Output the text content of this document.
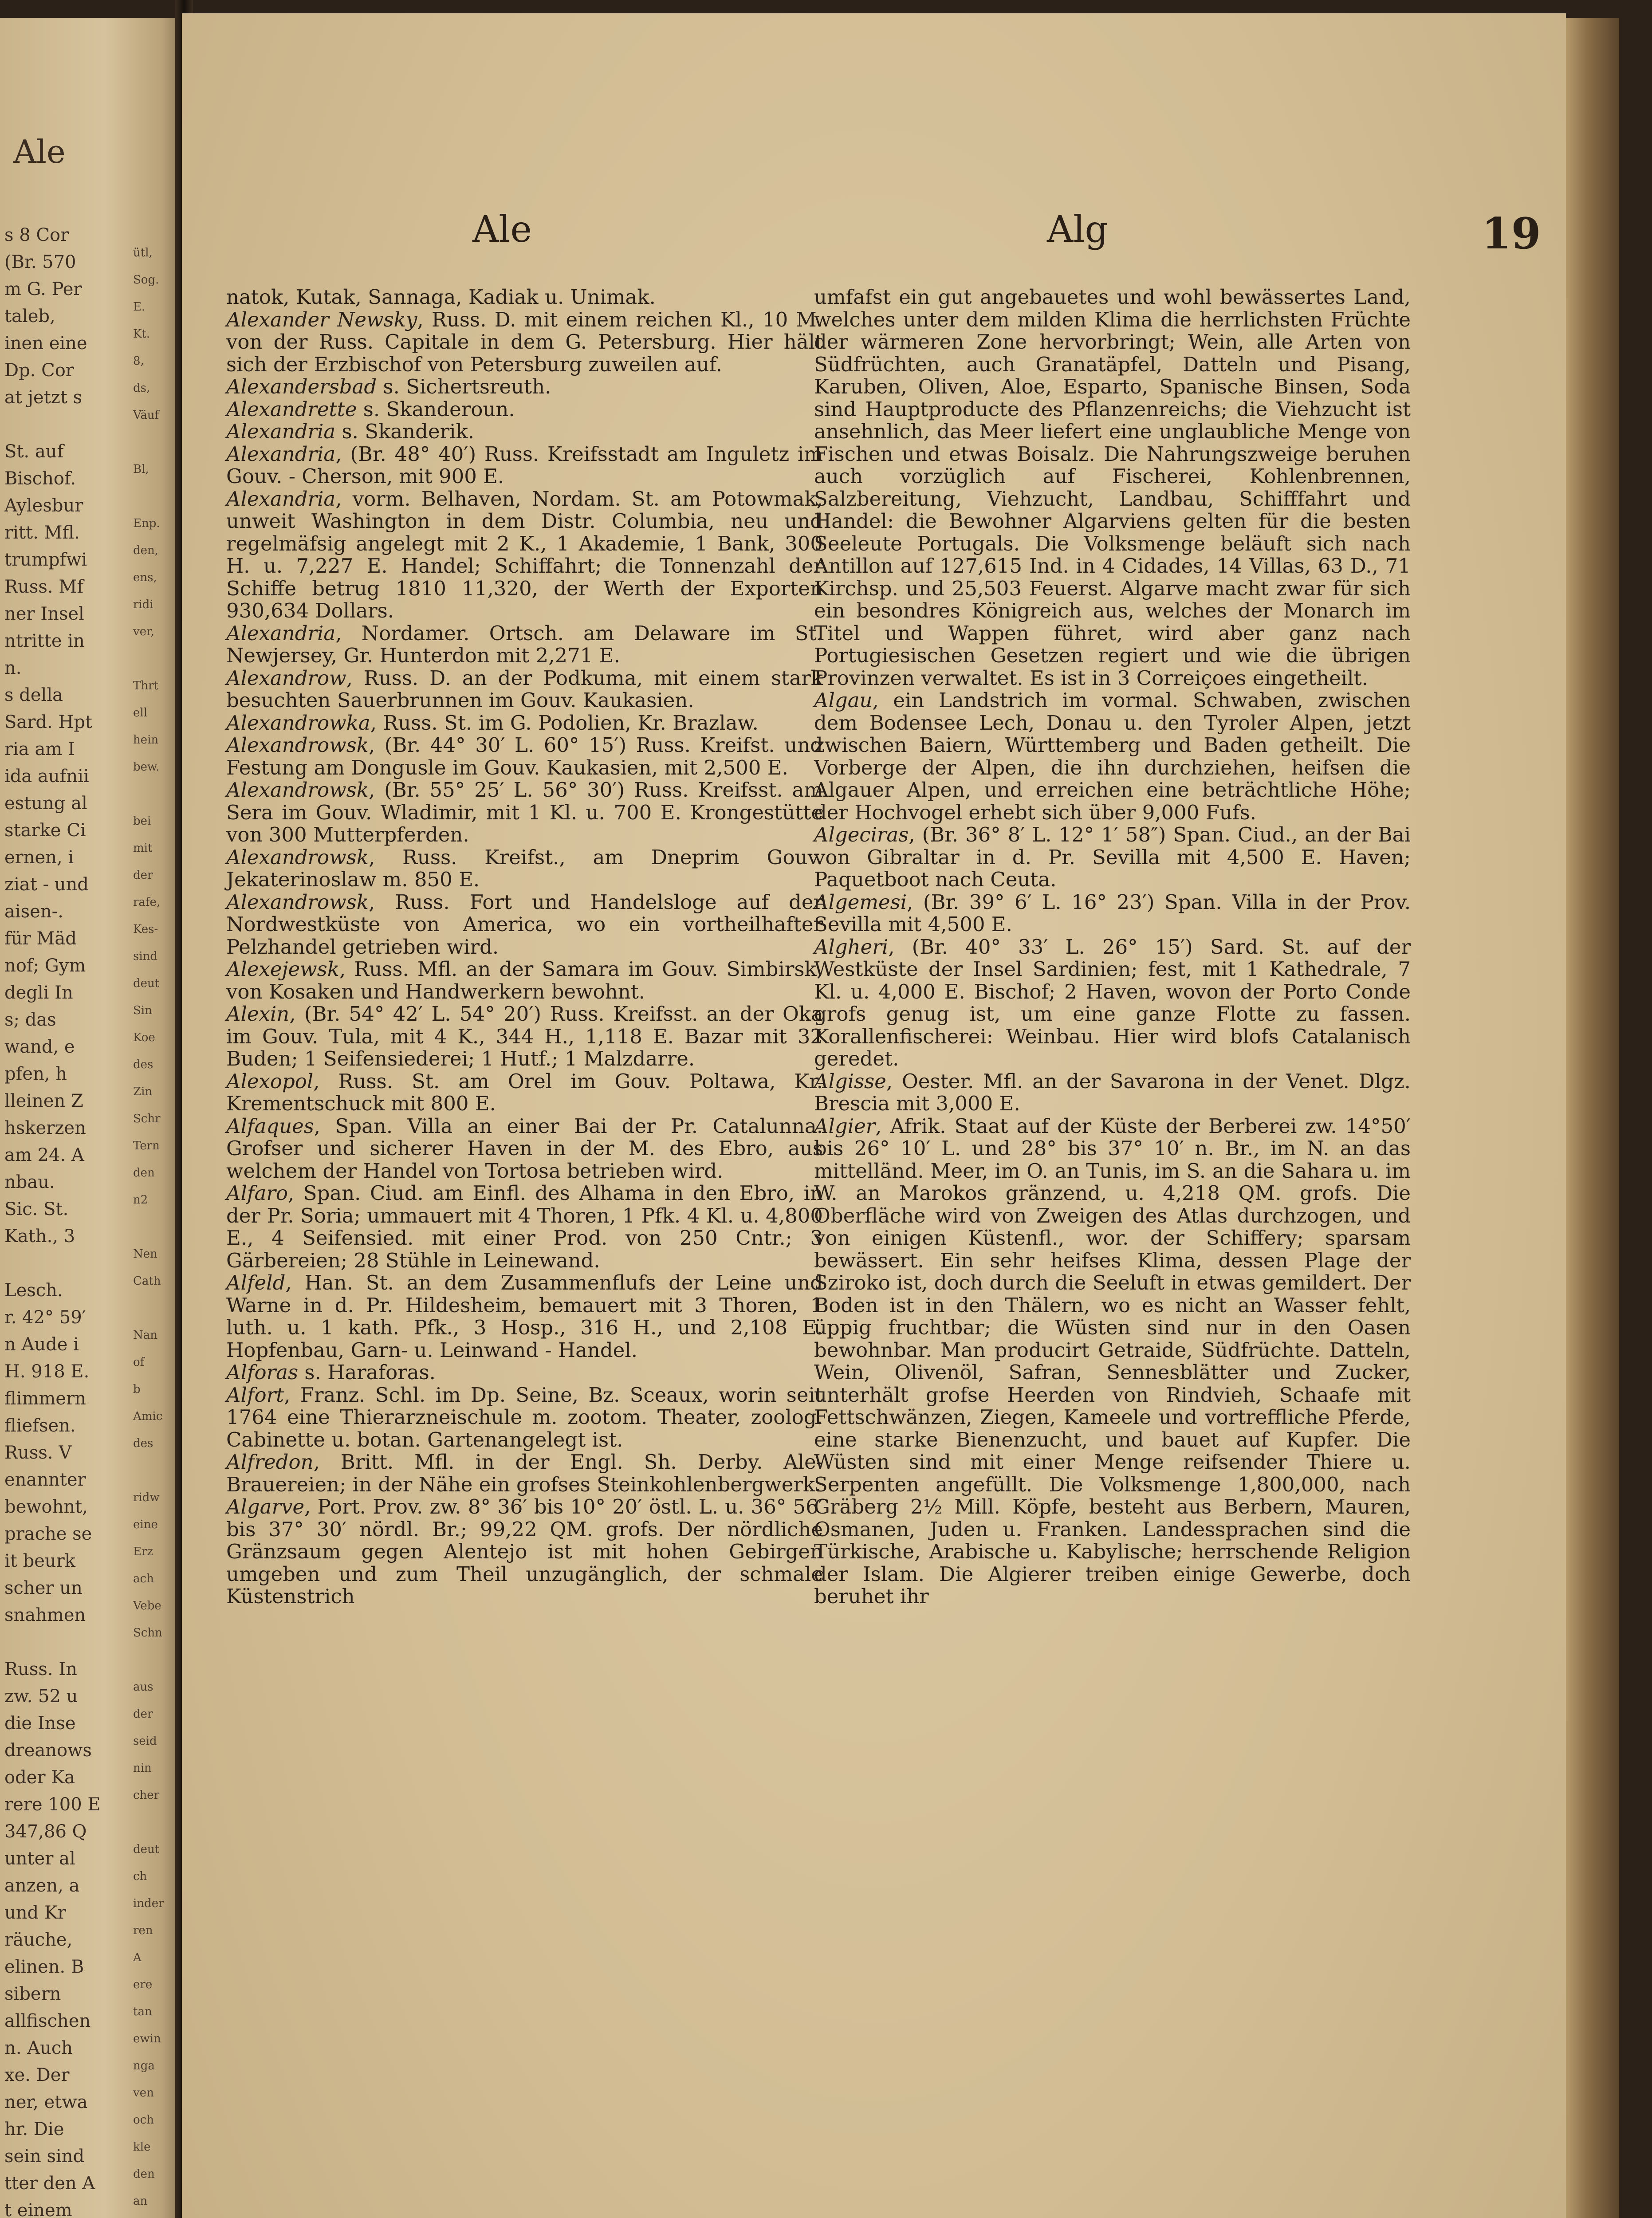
Ale
s 8 Cor
(Br. 570
m G. Per
taleb,
inen eine
Dp. Cor
at jetzt s

St. auf
Bischof.
Aylesbur
ritt. Mfl.
trumpfwi
Russ. Mf
ner Insel
ntritte in
n.
s della
Sard. Hpt
ria am I
ida aufnii
estung al
starke Ci
ernen, i
ziat - und
aisen-.
für Mäd
nof; Gym
degli In
s; das
wand, e
pfen, h
lleinen Z
hskerzen
am 24. A
nbau.
Sic. St.
Kath., 3

Lesch.
r. 42° 59′
n Aude i
H. 918 E.
flimmern
fliefsen.
Russ. V
enannter
bewohnt,
prache se
it beurk
scher un
snahmen

Russ. In
zw. 52 u
die Inse
dreanows
oder Ka
rere 100 E
347,86 Q
unter al
anzen, a
und Kr
räuche,
elinen. B
sibern
allfischen
n. Auch
xe. Der
ner, etwa
hr. Die
sein sind
tter den A
t einem
ütl,
Sog.
E.
Kt.
8,
ds,
Väuf

Bl,

Enp.
den,
ens,
ridi
ver,

Thrt
ell
hein
bew.

bei
mit
der
rafe,
Kes-
sind
deut
Sin
Koe
des
Zin
Schr
Tern
den
n2

Nen
Cath

Nan
of
b
Amic
des

ridw
eine
Erz
ach
Vebe
Schn

aus
der
seid
nin
cher

deut
ch
inder
ren
A
ere
tan
ewin
nga
ven
och
kle
den
an
Ale	Alg	19

natok, Kutak, Sannaga, Kadiak u. Unimak.

Alexander Newsky, Russ. D. mit einem reichen Kl., 10 M. von der Russ. Capitale in dem G. Petersburg. Hier hält sich der Erzbischof von Petersburg zuweilen auf.

Alexandersbad s. Sichertsreuth.

Alexandrette s. Skanderoun.

Alexandria s. Skanderik.

Alexandria, (Br. 48° 40′) Russ. Kreifsstadt am Inguletz im Gouv. - Cherson, mit 900 E.

Alexandria, vorm. Belhaven, Nordam. St. am Potowmak, unweit Washington in dem Distr. Columbia, neu und regelmäfsig angelegt mit 2 K., 1 Akademie, 1 Bank, 300 H. u. 7,227 E. Handel; Schiffahrt; die Tonnenzahl der Schiffe betrug 1810 11,320, der Werth der Exporten 930,634 Dollars.

Alexandria, Nordamer. Ortsch. am Delaware im St. Newjersey, Gr. Hunterdon mit 2,271 E.

Alexandrow, Russ. D. an der Podkuma, mit einem stark besuchten Sauerbrunnen im Gouv. Kaukasien.

Alexandrowka, Russ. St. im G. Podolien, Kr. Brazlaw.

Alexandrowsk, (Br. 44° 30′ L. 60° 15′) Russ. Kreifst. und Festung am Dongusle im Gouv. Kaukasien, mit 2,500 E.

Alexandrowsk, (Br. 55° 25′ L. 56° 30′) Russ. Kreifsst. am Sera im Gouv. Wladimir, mit 1 Kl. u. 700 E. Krongestütte von 300 Mutterpferden.

Alexandrowsk, Russ. Kreifst., am Dneprim Gouv. Jekaterinoslaw m. 850 E.

Alexandrowsk, Russ. Fort und Handelsloge auf der Nordwestküste von America, wo ein vortheilhafter Pelzhandel getrieben wird.

Alexejewsk, Russ. Mfl. an der Samara im Gouv. Simbirsk, von Kosaken und Handwerkern bewohnt.

Alexin, (Br. 54° 42′ L. 54° 20′) Russ. Kreifsst. an der Oka im Gouv. Tula, mit 4 K., 344 H., 1,118 E. Bazar mit 32 Buden; 1 Seifensiederei; 1 Hutf.; 1 Malzdarre.

Alexopol, Russ. St. am Orel im Gouv. Poltawa, Kr. Krementschuck mit 800 E.

Alfaques, Span. Villa an einer Bai der Pr. Catalunna. Grofser und sicherer Haven in der M. des Ebro, aus welchem der Handel von Tortosa betrieben wird.

Alfaro, Span. Ciud. am Einfl. des Alhama in den Ebro, in der Pr. Soria; ummauert mit 4 Thoren, 1 Pfk. 4 Kl. u. 4,800 E., 4 Seifensied. mit einer Prod. von 250 Cntr.; 3 Gärbereien; 28 Stühle in Leinewand.

Alfeld, Han. St. an dem Zusammenflufs der Leine und Warne in d. Pr. Hildesheim, bemauert mit 3 Thoren, 1 luth. u. 1 kath. Pfk., 3 Hosp., 316 H., und 2,108 E. Hopfenbau, Garn- u. Leinwand - Handel.

Alforas s. Haraforas.

Alfort, Franz. Schl. im Dp. Seine, Bz. Sceaux, worin seit 1764 eine Thierarzneischule m. zootom. Theater, zoolog. Cabinette u. botan. Gartenangelegt ist.

Alfredon, Britt. Mfl. in der Engl. Sh. Derby. Ale-Brauereien; in der Nähe ein grofses Steinkohlenbergwerk.

Algarve, Port. Prov. zw. 8° 36′ bis 10° 20′ östl. L. u. 36° 56′ bis 37° 30′ nördl. Br.; 99,22 QM. grofs. Der nördliche Gränzsaum gegen Alentejo ist mit hohen Gebirgen umgeben und zum Theil unzugänglich, der schmale Küstenstrich

umfafst ein gut angebauetes und wohl bewässertes Land, welches unter dem milden Klima die herrlichsten Früchte der wärmeren Zone hervorbringt; Wein, alle Arten von Südfrüchten, auch Granatäpfel, Datteln und Pisang, Karuben, Oliven, Aloe, Esparto, Spanische Binsen, Soda sind Hauptproducte des Pflanzenreichs; die Viehzucht ist ansehnlich, das Meer liefert eine unglaubliche Menge von Fischen und etwas Boisalz. Die Nahrungszweige beruhen auch vorzüglich auf Fischerei, Kohlenbrennen, Salzbereitung, Viehzucht, Landbau, Schifffahrt und Handel: die Bewohner Algarviens gelten für die besten Seeleute Portugals. Die Volksmenge beläuft sich nach Antillon auf 127,615 Ind. in 4 Cidades, 14 Villas, 63 D., 71 Kirchsp. und 25,503 Feuerst. Algarve macht zwar für sich ein besondres Königreich aus, welches der Monarch im Titel und Wappen führet, wird aber ganz nach Portugiesischen Gesetzen regiert und wie die übrigen Provinzen verwaltet. Es ist in 3 Correiçoes eingetheilt.

Algau, ein Landstrich im vormal. Schwaben, zwischen dem Bodensee Lech, Donau u. den Tyroler Alpen, jetzt zwischen Baiern, Württemberg und Baden getheilt. Die Vorberge der Alpen, die ihn durchziehen, heifsen die Algauer Alpen, und erreichen eine beträchtliche Höhe; der Hochvogel erhebt sich über 9,000 Fufs.

Algeciras, (Br. 36° 8′ L. 12° 1′ 58″) Span. Ciud., an der Bai von Gibraltar in d. Pr. Sevilla mit 4,500 E. Haven; Paquetboot nach Ceuta.

Algemesi, (Br. 39° 6′ L. 16° 23′) Span. Villa in der Prov. Sevilla mit 4,500 E.

Algheri, (Br. 40° 33′ L. 26° 15′) Sard. St. auf der Westküste der Insel Sardinien; fest, mit 1 Kathedrale, 7 Kl. u. 4,000 E. Bischof; 2 Haven, wovon der Porto Conde grofs genug ist, um eine ganze Flotte zu fassen. Korallenfischerei: Weinbau. Hier wird blofs Catalanisch geredet.

Algisse, Oester. Mfl. an der Savarona in der Venet. Dlgz. Brescia mit 3,000 E.

Algier, Afrik. Staat auf der Küste der Berberei zw. 14°50′ bis 26° 10′ L. und 28° bis 37° 10′ n. Br., im N. an das mittelländ. Meer, im O. an Tunis, im S. an die Sahara u. im W. an Marokos gränzend, u. 4,218 QM. grofs. Die Oberfläche wird von Zweigen des Atlas durchzogen, und von einigen Küstenfl., wor. der Schiffery; sparsam bewässert. Ein sehr heifses Klima, dessen Plage der Sziroko ist, doch durch die Seeluft in etwas gemildert. Der Boden ist in den Thälern, wo es nicht an Wasser fehlt, üppig fruchtbar; die Wüsten sind nur in den Oasen bewohnbar. Man producirt Getraide, Südfrüchte. Datteln, Wein, Olivenöl, Safran, Sennesblätter und Zucker, unterhält grofse Heerden von Rindvieh, Schaafe mit Fettschwänzen, Ziegen, Kameele und vortreffliche Pferde, eine starke Bienenzucht, und bauet auf Kupfer. Die Wüsten sind mit einer Menge reifsender Thiere u. Serpenten angefüllt. Die Volksmenge 1,800,000, nach Gräberg 2½ Mill. Köpfe, besteht aus Berbern, Mauren, Osmanen, Juden u. Franken. Landessprachen sind die Türkische, Arabische u. Kabylische; herrschende Religion der Islam. Die Algierer treiben einige Gewerbe, doch beruhet ihr
